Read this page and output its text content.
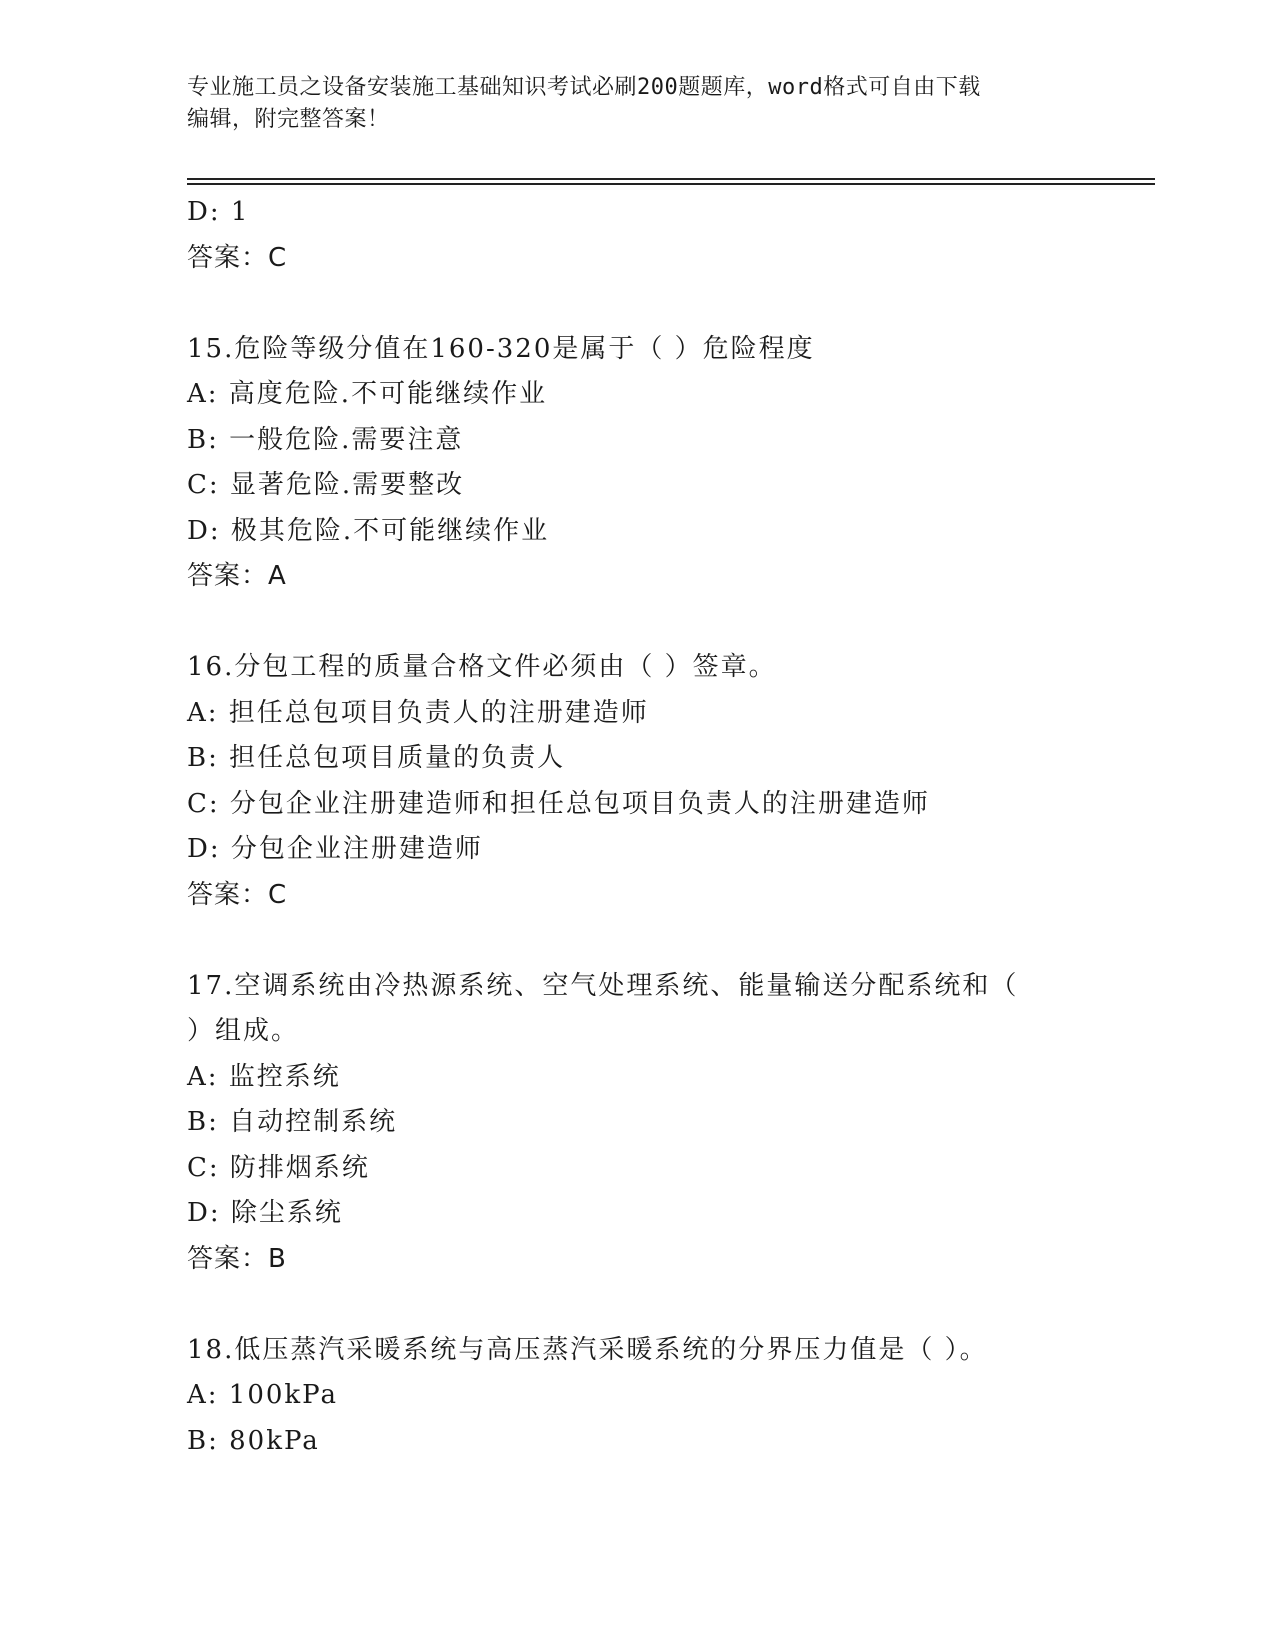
专业施工员之设备安装施工基础知识考试必刷200题题库，word格式可自由下载
编辑，附完整答案！
D: 1
答案：C
15.危险等级分值在160-320是属于（ ）危险程度
A: 高度危险.不可能继续作业
B: 一般危险.需要注意
C: 显著危险.需要整改
D: 极其危险.不可能继续作业
答案：A
16.分包工程的质量合格文件必须由（ ）签章。
A: 担任总包项目负责人的注册建造师
B: 担任总包项目质量的负责人
C: 分包企业注册建造师和担任总包项目负责人的注册建造师
D: 分包企业注册建造师
答案：C
17.空调系统由冷热源系统、空气处理系统、能量输送分配系统和（
）组成。
A: 监控系统
B: 自动控制系统
C: 防排烟系统
D: 除尘系统
答案：B
18.低压蒸汽采暖系统与高压蒸汽采暖系统的分界压力值是（ ）。
A: 100kPa
B: 80kPa
